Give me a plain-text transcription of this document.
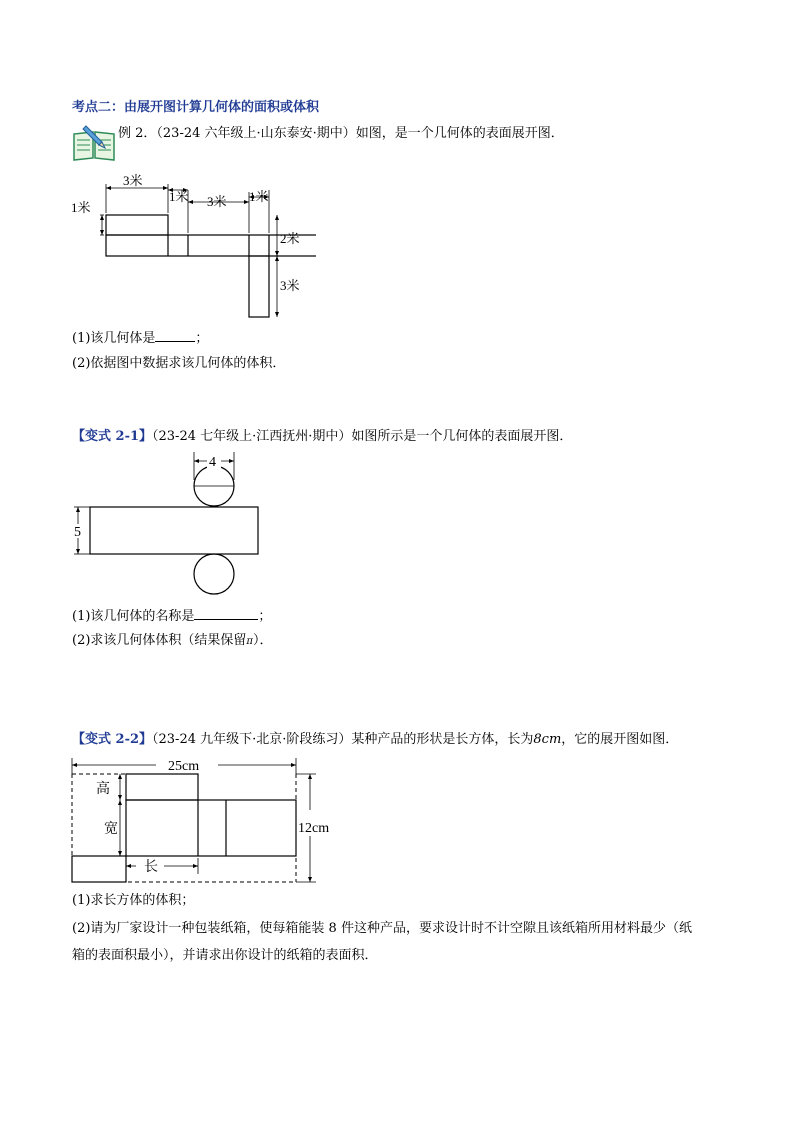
考点二：由展开图计算几何体的面积或体积
例 2．（23-24 六年级上·山东泰安·期中）如图，是一个几何体的表面展开图．
3米
1米 3米 1米
1米
2米
3米
(1)该几何体是	；
(2)依据图中数据求该几何体的体积．
【变式 2-1】（23-24 七年级上·江西抚州·期中）如图所示是一个几何体的表面展开图．
4
5
(1)该几何体的名称是	；
(2)求该几何体体积（结果保留π）．
【变式 2-2】（23-24 九年级下·北京·阶段练习）某种产品的形状是长方体，长为8cm，它的展开图如图．
25cm
12cm
高
宽
长
(1)求长方体的体积；
(2)请为厂家设计一种包装纸箱，使每箱能装 8 件这种产品，要求设计时不计空隙且该纸箱所用材料最少（纸
箱的表面积最小），并请求出你设计的纸箱的表面积．
